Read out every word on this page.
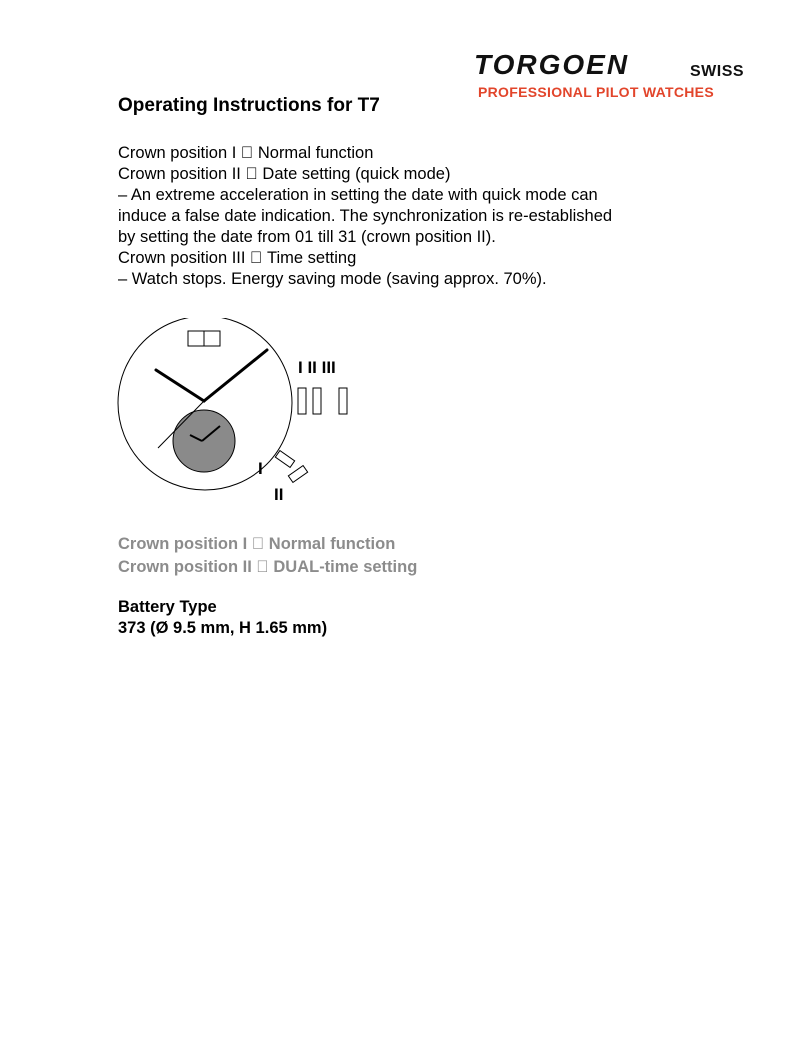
TORGOEN	SWISS
PROFESSIONAL PILOT WATCHES
Operating Instructions for T7
Crown position I Normal function
Crown position II Date setting (quick mode)
– An extreme acceleration in setting the date with quick mode can
induce a false date indication. The synchronization is re-established
by setting the date from 01 till 31 (crown position II).
Crown position III Time setting
– Watch stops. Energy saving mode (saving approx. 70%).
I II III
I
II
Crown position I Normal function
Crown position II DUAL-time setting
Battery Type
373 (Ø 9.5 mm, H 1.65 mm)
